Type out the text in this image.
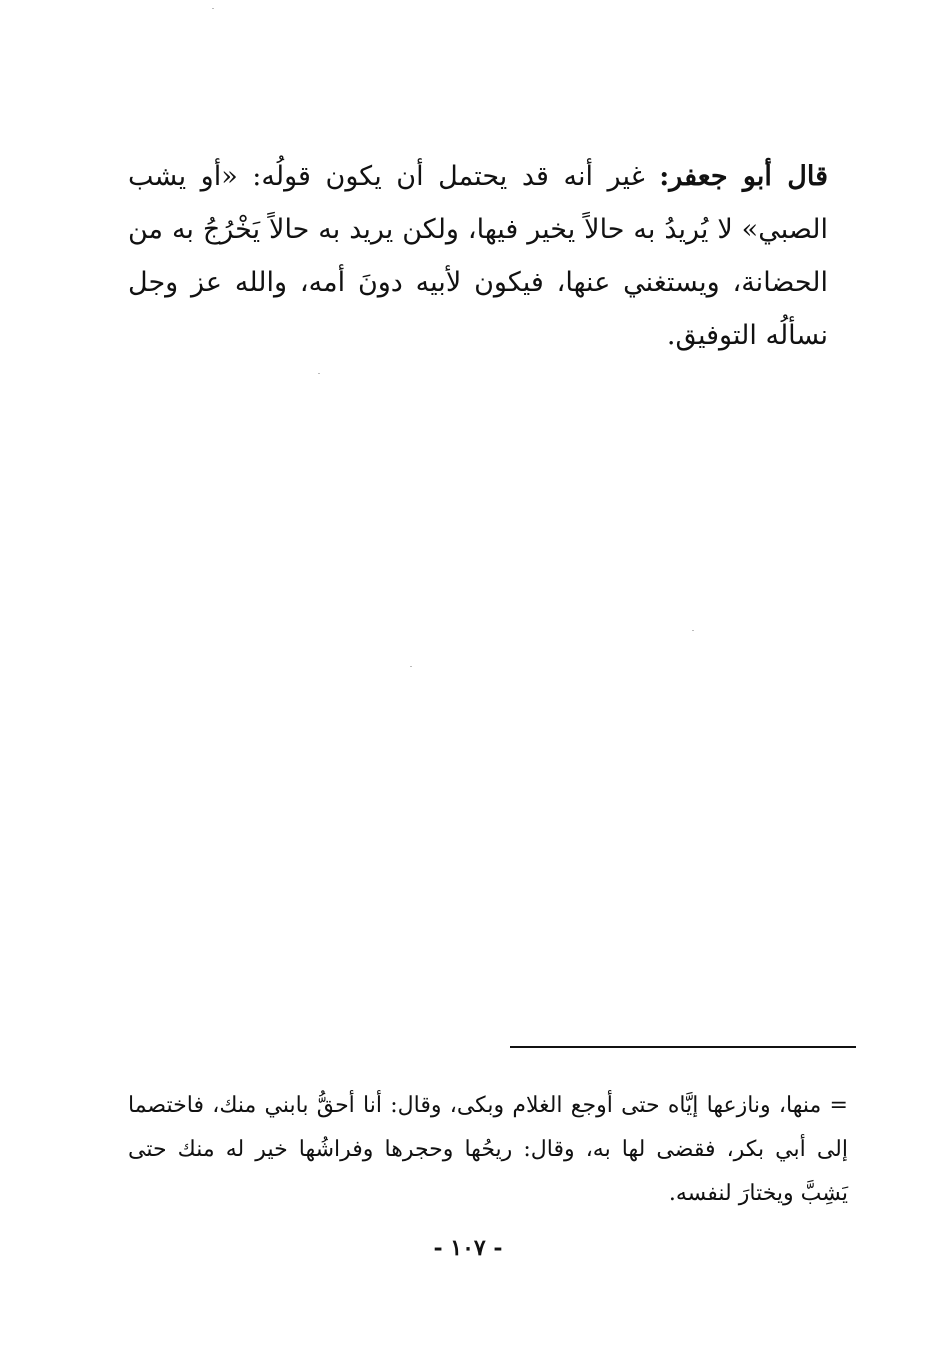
قال أبو جعفر: غير أنه قد يحتمل أن يكون قولُه: «أو يشب الصبي» لا يُريدُ به حالاً يخير فيها، ولكن يريد به حالاً يَخْرُجُ به من الحضانة، ويستغني عنها، فيكون لأبيه دونَ أمه، والله عز وجل نسألُه التوفيق.

= منها، ونازعها إيَّاه حتى أوجع الغلام وبكى، وقال: أنا أحقُّ بابني منك، فاختصما إلى أبي بكر، فقضى لها به، وقال: ريحُها وحجرها وفراشُها خير له منك حتى يَشِبَّ ويختارَ لنفسه.

- ١٠٧ -
